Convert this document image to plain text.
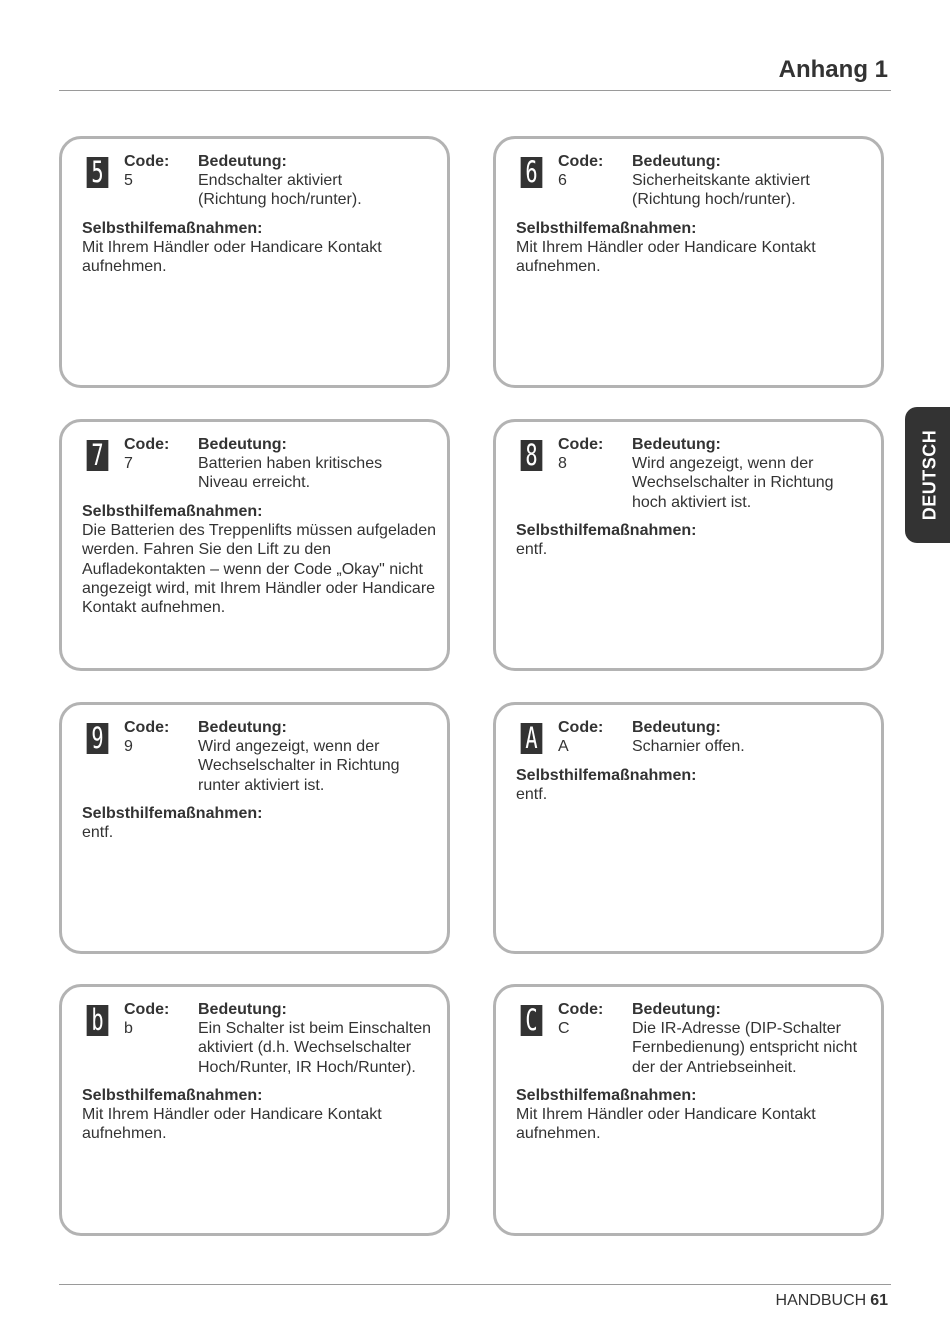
Anhang 1
DEUTSCH
5 Code:
5
Bedeutung:
Endschalter aktiviert (Richtung hoch/runter).
Selbsthilfemaßnahmen:
Mit Ihrem Händler oder Handicare Kontakt aufnehmen.
6 Code:
6
Bedeutung:
Sicherheitskante aktiviert (Richtung hoch/runter).
Selbsthilfemaßnahmen:
Mit Ihrem Händler oder Handicare Kontakt aufnehmen.
7 Code:
7
Bedeutung:
Batterien haben kritisches Niveau erreicht.
Selbsthilfemaßnahmen:
Die Batterien des Treppenlifts müssen aufgeladen werden. Fahren Sie den Lift zu den Aufladekontakten – wenn der Code „Okay" nicht angezeigt wird, mit Ihrem Händler oder Handicare Kontakt aufnehmen.
8 Code:
8
Bedeutung:
Wird angezeigt, wenn der Wechselschalter in Richtung hoch aktiviert ist.
Selbsthilfemaßnahmen:
entf.
9 Code:
9
Bedeutung:
Wird angezeigt, wenn der Wechselschalter in Richtung runter aktiviert ist.
Selbsthilfemaßnahmen:
entf.
A Code:
A
Bedeutung:
Scharnier offen.
Selbsthilfemaßnahmen:
entf.
b Code:
b
Bedeutung:
Ein Schalter ist beim Einschalten aktiviert (d.h. Wechselschalter Hoch/Runter, IR Hoch/Runter).
Selbsthilfemaßnahmen:
Mit Ihrem Händler oder Handicare Kontakt aufnehmen.
C Code:
C
Bedeutung:
Die IR-Adresse (DIP-Schalter Fernbedienung) entspricht nicht der der Antriebseinheit.
Selbsthilfemaßnahmen:
Mit Ihrem Händler oder Handicare Kontakt aufnehmen.
HANDBUCH 61
